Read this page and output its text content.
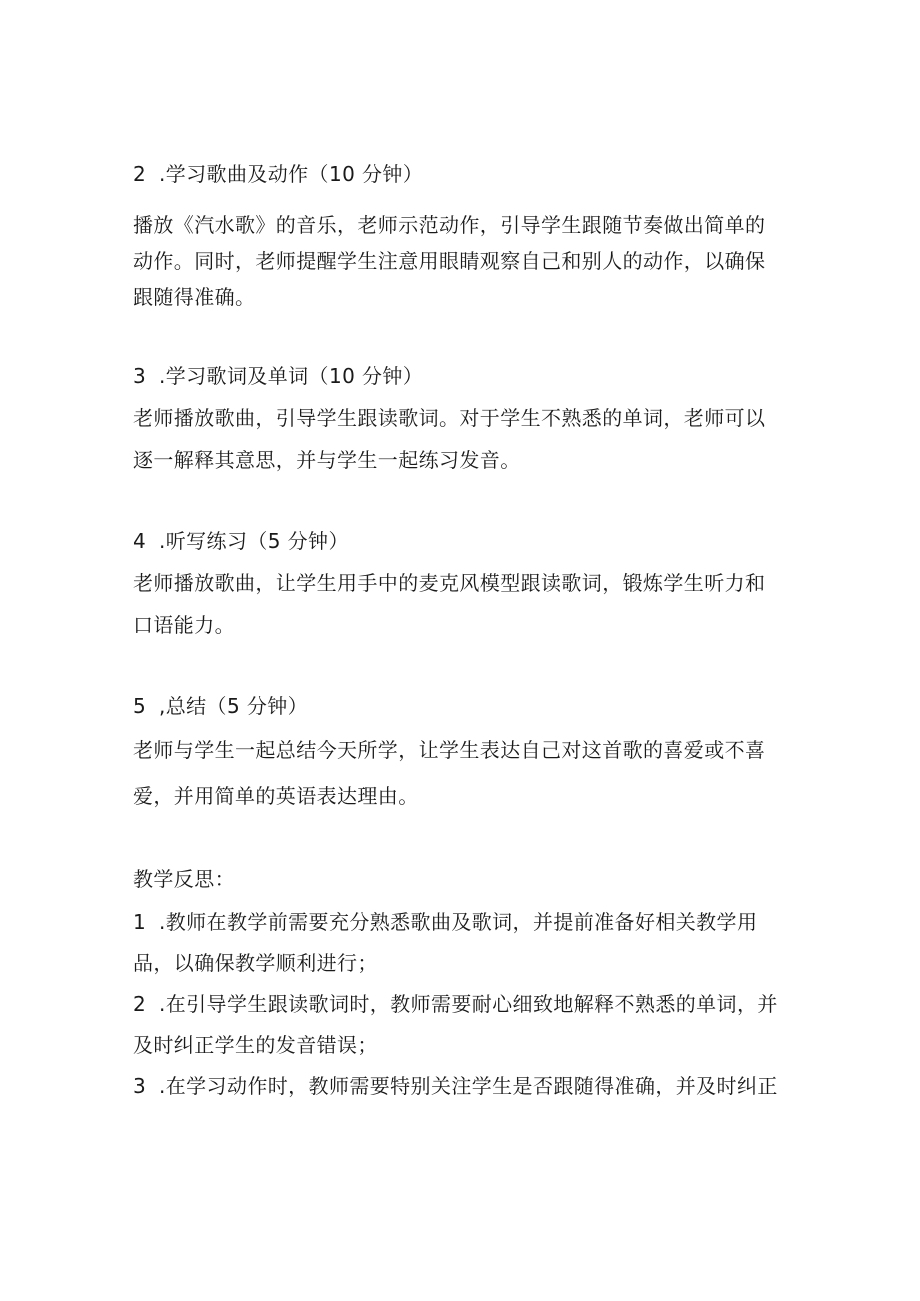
2 .学习歌曲及动作（10 分钟）
播放《汽水歌》的音乐，老师示范动作，引导学生跟随节奏做出简单的
动作。同时，老师提醒学生注意用眼睛观察自己和别人的动作，以确保
跟随得准确。
3 .学习歌词及单词（10 分钟）
老师播放歌曲，引导学生跟读歌词。对于学生不熟悉的单词，老师可以
逐一解释其意思，并与学生一起练习发音。
4 .听写练习（5 分钟）
老师播放歌曲，让学生用手中的麦克风模型跟读歌词，锻炼学生听力和
口语能力。
5 ,总结（5 分钟）
老师与学生一起总结今天所学，让学生表达自己对这首歌的喜爱或不喜
爱，并用简单的英语表达理由。
教学反思：
1 .教师在教学前需要充分熟悉歌曲及歌词，并提前准备好相关教学用
品，以确保教学顺利进行；
2 .在引导学生跟读歌词时，教师需要耐心细致地解释不熟悉的单词，并
及时纠正学生的发音错误；
3 .在学习动作时，教师需要特别关注学生是否跟随得准确，并及时纠正
